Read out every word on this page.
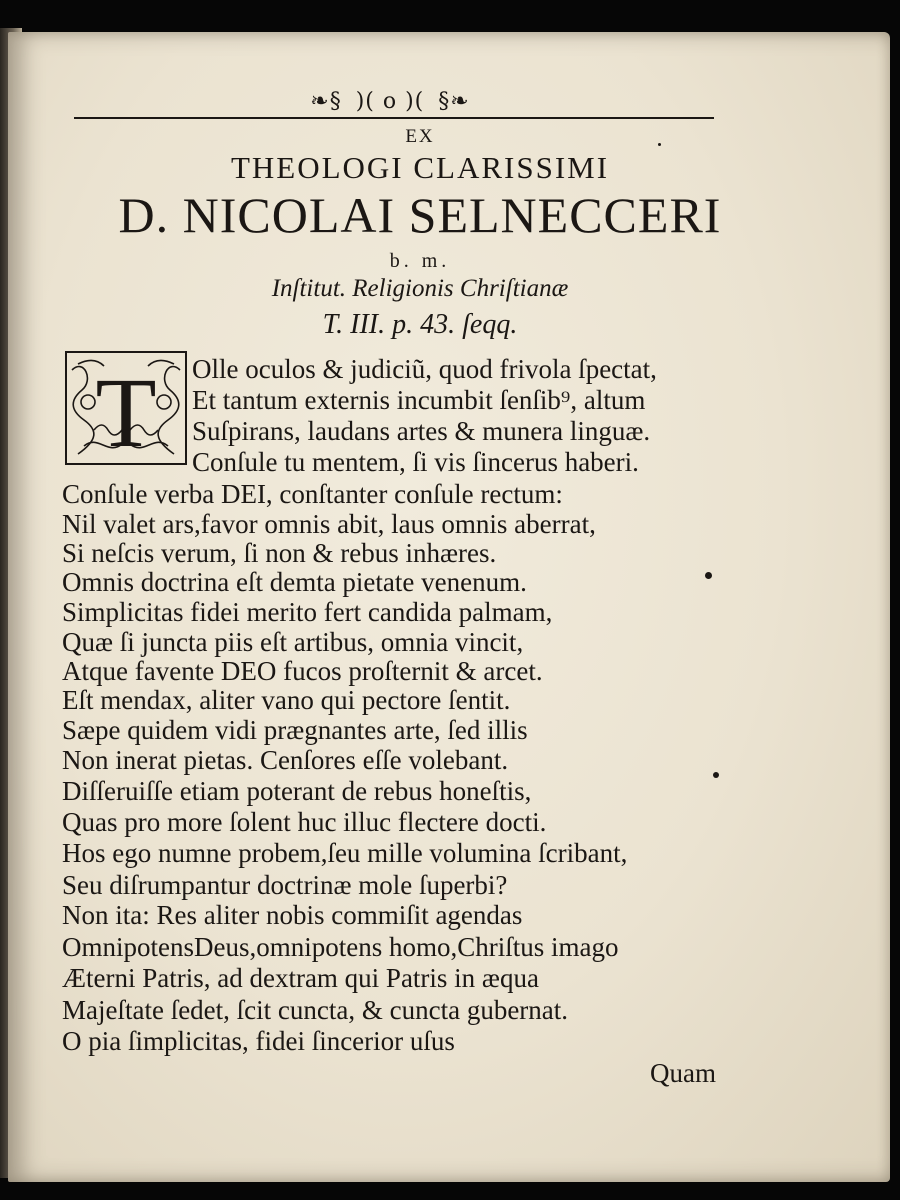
❧§ )( o )( §❧
EX
THEOLOGI CLARISSIMI
D. NICOLAI SELNECCERI
b. m.
Inſtitut. Religionis Chriſtianæ
T. III. p. 43. ſeqq.
T Olle oculos & judiciũ, quod frivola ſpectat,
Et tantum externis incumbit ſenſib⁹, altum
Suſpirans, laudans artes & munera linguæ.
Conſule tu mentem, ſi vis ſincerus haberi.
Conſule verba DEI, conſtanter conſule rectum:
Nil valet ars,favor omnis abit, laus omnis aberrat,
Si neſcis verum, ſi non & rebus inhæres.
Omnis doctrina eſt demta pietate venenum.
Simplicitas fidei merito fert candida palmam,
Quæ ſi juncta piis eſt artibus, omnia vincit,
Atque favente DEO fucos proſternit & arcet.
Eſt mendax, aliter vano qui pectore ſentit.
Sæpe quidem vidi prægnantes arte, ſed illis
Non inerat pietas. Cenſores eſſe volebant.
Diſſeruiſſe etiam poterant de rebus honeſtis,
Quas pro more ſolent huc illuc flectere docti.
Hos ego numne probem,ſeu mille volumina ſcribant,
Seu diſrumpantur doctrinæ mole ſuperbi?
Non ita: Res aliter nobis commiſit agendas
OmnipotensDeus,omnipotens homo,Chriſtus imago
Æterni Patris, ad dextram qui Patris in æqua
Majeſtate ſedet, ſcit cuncta, & cuncta gubernat.
O pia ſimplicitas, fidei ſincerior uſus
Quam
